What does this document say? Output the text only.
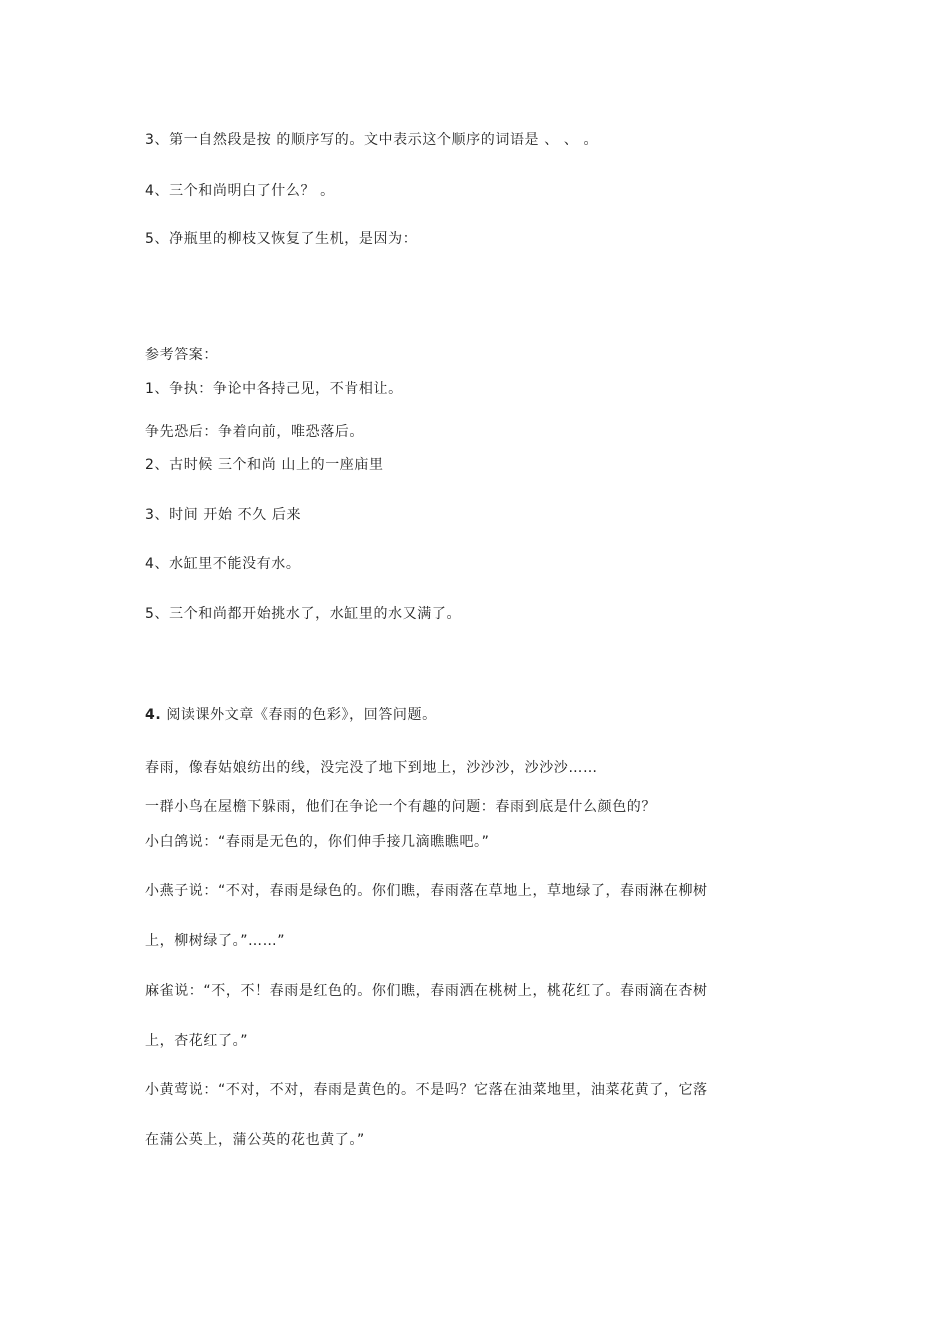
3、第一自然段是按 的顺序写的。文中表示这个顺序的词语是 、 、 。
4、三个和尚明白了什么？ 。
5、净瓶里的柳枝又恢复了生机，是因为：
参考答案：
1、争执：争论中各持己见，不肯相让。
争先恐后：争着向前，唯恐落后。
2、古时候 三个和尚 山上的一座庙里
3、时间 开始 不久 后来
4、水缸里不能没有水。
5、三个和尚都开始挑水了，水缸里的水又满了。
4. 阅读课外文章《春雨的色彩》，回答问题。
春雨，像春姑娘纺出的线，没完没了地下到地上，沙沙沙，沙沙沙……
一群小鸟在屋檐下躲雨，他们在争论一个有趣的问题：春雨到底是什么颜色的？
小白鸽说：“春雨是无色的，你们伸手接几滴瞧瞧吧。”
小燕子说：“不对，春雨是绿色的。你们瞧，春雨落在草地上，草地绿了，春雨淋在柳树
上，柳树绿了。”……”
麻雀说：“不，不！春雨是红色的。你们瞧，春雨洒在桃树上，桃花红了。春雨滴在杏树
上，杏花红了。”
小黄莺说：“不对，不对，春雨是黄色的。不是吗？它落在油菜地里，油菜花黄了，它落
在蒲公英上，蒲公英的花也黄了。”
